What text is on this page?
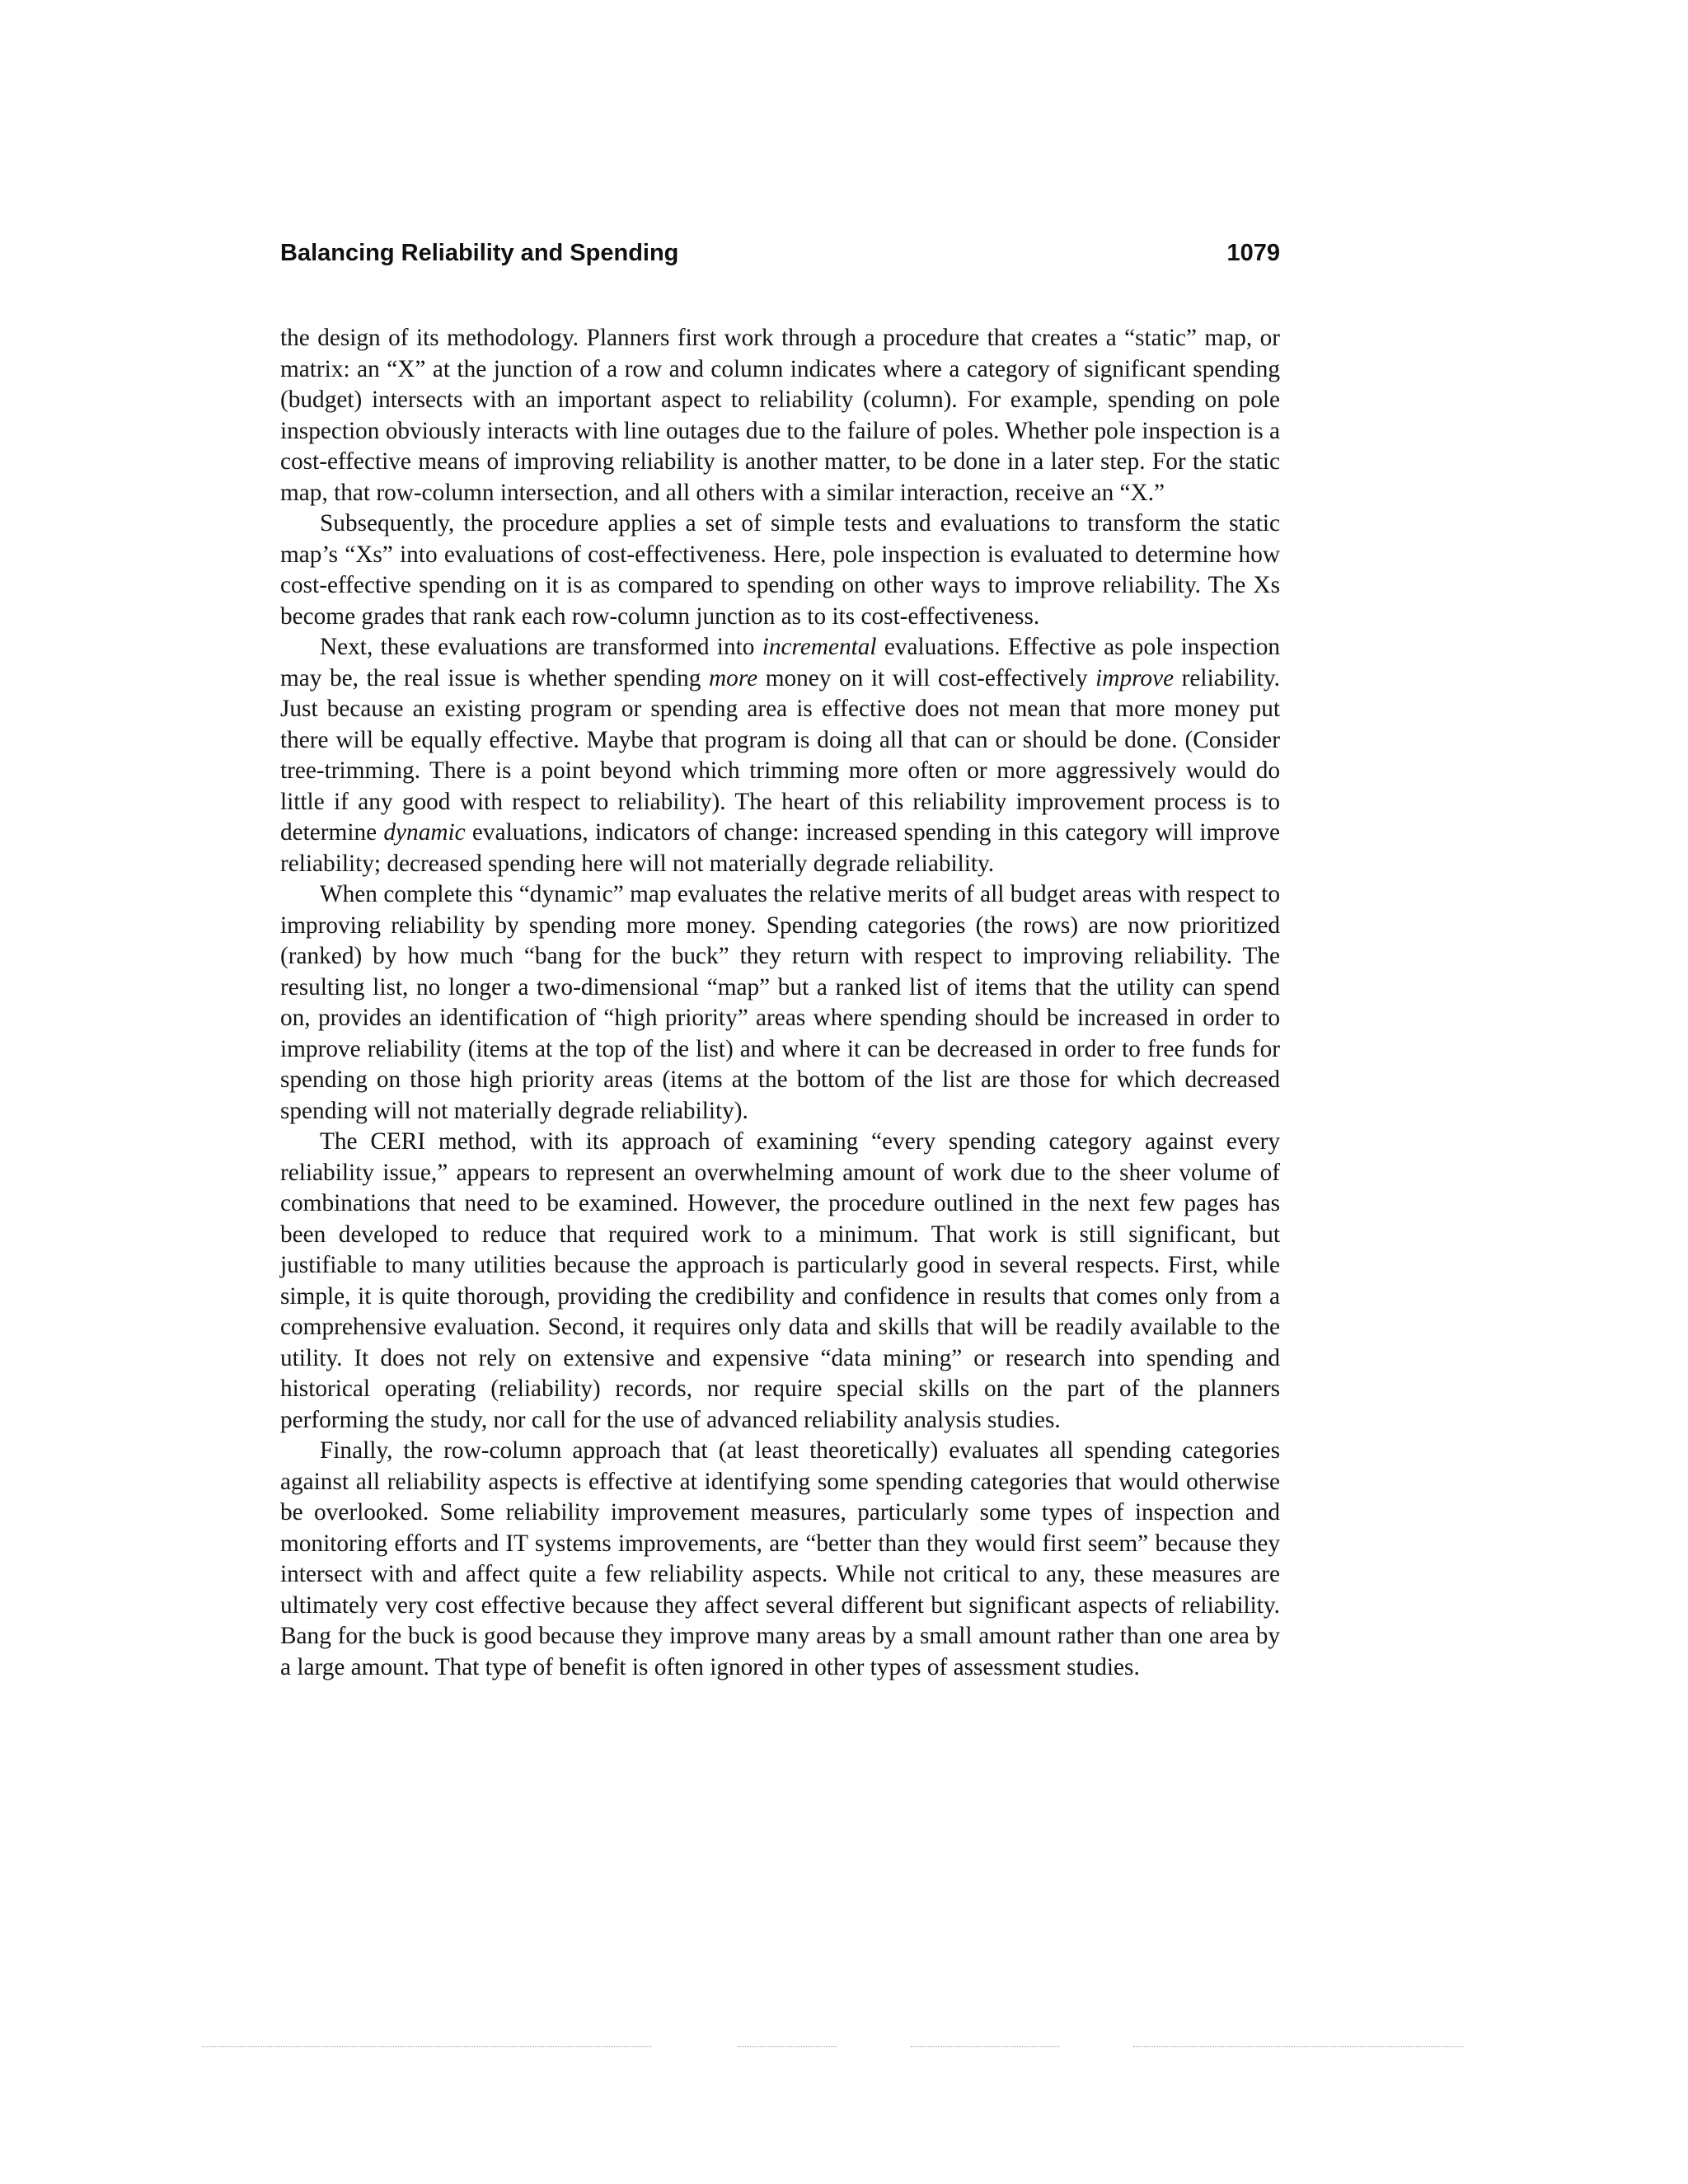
Balancing Reliability and Spending	1079

the design of its methodology. Planners first work through a procedure that creates a “static” map, or matrix: an “X” at the junction of a row and column indicates where a category of significant spending (budget) intersects with an important aspect to reliability (column). For example, spending on pole inspection obviously interacts with line outages due to the failure of poles. Whether pole inspection is a cost-effective means of improving reliability is another matter, to be done in a later step. For the static map, that row-column intersection, and all others with a similar interaction, receive an “X.”

Subsequently, the procedure applies a set of simple tests and evaluations to transform the static map’s “Xs” into evaluations of cost-effectiveness. Here, pole inspection is evaluated to determine how cost-effective spending on it is as compared to spending on other ways to improve reliability. The Xs become grades that rank each row-column junction as to its cost-effectiveness.

Next, these evaluations are transformed into incremental evaluations. Effective as pole inspection may be, the real issue is whether spending more money on it will cost-effectively improve reliability. Just because an existing program or spending area is effective does not mean that more money put there will be equally effective. Maybe that program is doing all that can or should be done. (Consider tree-trimming. There is a point beyond which trimming more often or more aggressively would do little if any good with respect to reliability). The heart of this reliability improvement process is to determine dynamic evaluations, indicators of change: increased spending in this category will improve reliability; decreased spending here will not materially degrade reliability.

When complete this “dynamic” map evaluates the relative merits of all budget areas with respect to improving reliability by spending more money. Spending categories (the rows) are now prioritized (ranked) by how much “bang for the buck” they return with respect to improving reliability. The resulting list, no longer a two-dimensional “map” but a ranked list of items that the utility can spend on, provides an identification of “high priority” areas where spending should be increased in order to improve reliability (items at the top of the list) and where it can be decreased in order to free funds for spending on those high priority areas (items at the bottom of the list are those for which decreased spending will not materially degrade reliability).

The CERI method, with its approach of examining “every spending category against every reliability issue,” appears to represent an overwhelming amount of work due to the sheer volume of combinations that need to be examined. However, the procedure outlined in the next few pages has been developed to reduce that required work to a minimum. That work is still significant, but justifiable to many utilities because the approach is particularly good in several respects. First, while simple, it is quite thorough, providing the credibility and confidence in results that comes only from a comprehensive evaluation. Second, it requires only data and skills that will be readily available to the utility. It does not rely on extensive and expensive “data mining” or research into spending and historical operating (reliability) records, nor require special skills on the part of the planners performing the study, nor call for the use of advanced reliability analysis studies.

Finally, the row-column approach that (at least theoretically) evaluates all spending categories against all reliability aspects is effective at identifying some spending categories that would otherwise be overlooked. Some reliability improvement measures, particularly some types of inspection and monitoring efforts and IT systems improvements, are “better than they would first seem” because they intersect with and affect quite a few reliability aspects. While not critical to any, these measures are ultimately very cost effective because they affect several different but significant aspects of reliability. Bang for the buck is good because they improve many areas by a small amount rather than one area by a large amount. That type of benefit is often ignored in other types of assessment studies.
